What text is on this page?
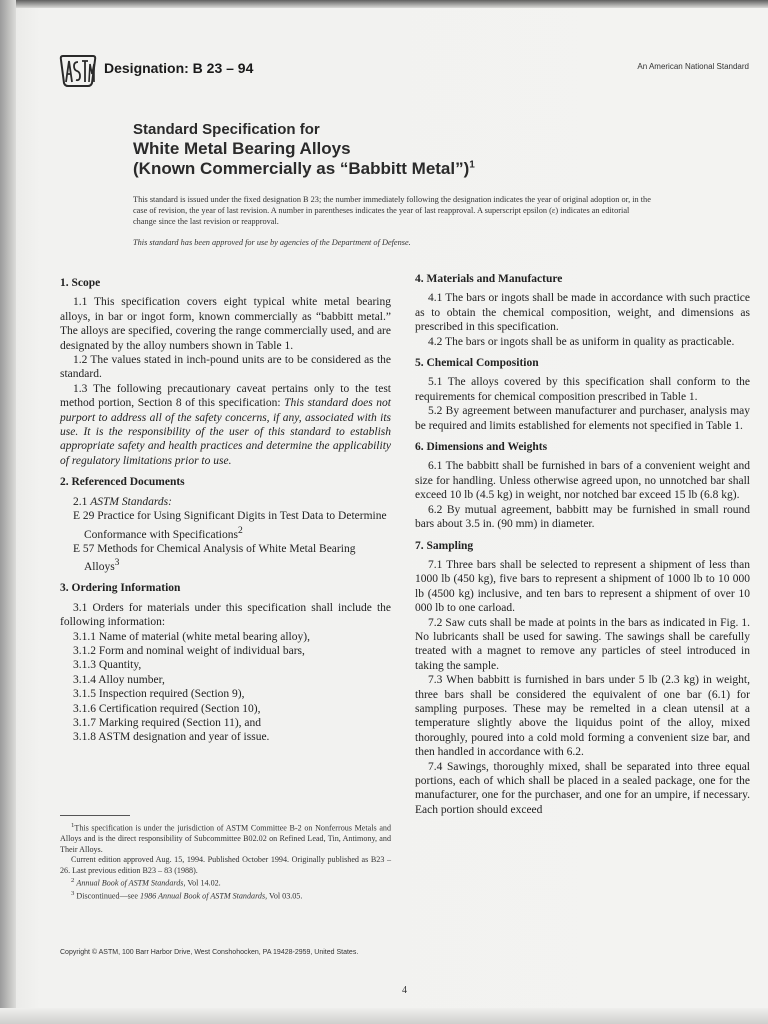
Designation: B 23 – 94	An American National Standard
Standard Specification for
White Metal Bearing Alloys
(Known Commercially as “Babbitt Metal”)$^1$
This standard is issued under the fixed designation B 23; the number immediately following the designation indicates the year of original adoption or, in the case of revision, the year of last revision. A number in parentheses indicates the year of last reapproval. A superscript epsilon (ε) indicates an editorial change since the last revision or reapproval.
This standard has been approved for use by agencies of the Department of Defense.
1. Scope

1.1 This specification covers eight typical white metal bearing alloys, in bar or ingot form, known commercially as “babbitt metal.” The alloys are specified, covering the range commercially used, and are designated by the alloy numbers shown in Table 1.

1.2 The values stated in inch-pound units are to be considered as the standard.

1.3 The following precautionary caveat pertains only to the test method portion, Section 8 of this specification: This standard does not purport to address all of the safety concerns, if any, associated with its use. It is the responsibility of the user of this standard to establish appropriate safety and health practices and determine the applicability of regulatory limitations prior to use.

2. Referenced Documents

2.1 ASTM Standards:

E 29 Practice for Using Significant Digits in Test Data to Determine Conformance with Specifications$^2$

E 57 Methods for Chemical Analysis of White Metal Bearing Alloys$^3$

3. Ordering Information

3.1 Orders for materials under this specification shall include the following information:

3.1.1 Name of material (white metal bearing alloy),

3.1.2 Form and nominal weight of individual bars,

3.1.3 Quantity,

3.1.4 Alloy number,

3.1.5 Inspection required (Section 9),

3.1.6 Certification required (Section 10),

3.1.7 Marking required (Section 11), and

3.1.8 ASTM designation and year of issue.

$^1$This specification is under the jurisdiction of ASTM Committee B-2 on Nonferrous Metals and Alloys and is the direct responsibility of Subcommittee B02.02 on Refined Lead, Tin, Antimony, and Their Alloys.

Current edition approved Aug. 15, 1994. Published October 1994. Originally published as B23 – 26. Last previous edition B23 – 83 (1988).

$^2$ Annual Book of ASTM Standards, Vol 14.02.

$^3$ Discontinued—see 1986 Annual Book of ASTM Standards, Vol 03.05.

4. Materials and Manufacture

4.1 The bars or ingots shall be made in accordance with such practice as to obtain the chemical composition, weight, and dimensions as prescribed in this specification.

4.2 The bars or ingots shall be as uniform in quality as practicable.

5. Chemical Composition

5.1 The alloys covered by this specification shall conform to the requirements for chemical composition prescribed in Table 1.

5.2 By agreement between manufacturer and purchaser, analysis may be required and limits established for elements not specified in Table 1.

6. Dimensions and Weights

6.1 The babbitt shall be furnished in bars of a convenient weight and size for handling. Unless otherwise agreed upon, no unnotched bar shall exceed 10 lb (4.5 kg) in weight, nor notched bar exceed 15 lb (6.8 kg).

6.2 By mutual agreement, babbitt may be furnished in small round bars about 3.5 in. (90 mm) in diameter.

7. Sampling

7.1 Three bars shall be selected to represent a shipment of less than 1000 lb (450 kg), five bars to represent a shipment of 1000 lb to 10 000 lb (4500 kg) inclusive, and ten bars to represent a shipment of over 10 000 lb to one carload.

7.2 Saw cuts shall be made at points in the bars as indicated in Fig. 1. No lubricants shall be used for sawing. The sawings shall be carefully treated with a magnet to remove any particles of steel introduced in taking the sample.

7.3 When babbitt is furnished in bars under 5 lb (2.3 kg) in weight, three bars shall be considered the equivalent of one bar (6.1) for sampling purposes. These may be remelted in a clean utensil at a temperature slightly above the liquidus point of the alloy, mixed thoroughly, poured into a cold mold forming a convenient size bar, and then handled in accordance with 6.2.

7.4 Sawings, thoroughly mixed, shall be separated into three equal portions, each of which shall be placed in a sealed package, one for the manufacturer, one for the purchaser, and one for an umpire, if necessary. Each portion should exceed

Copyright © ASTM, 100 Barr Harbor Drive, West Conshohocken, PA 19428-2959, United States.
4
